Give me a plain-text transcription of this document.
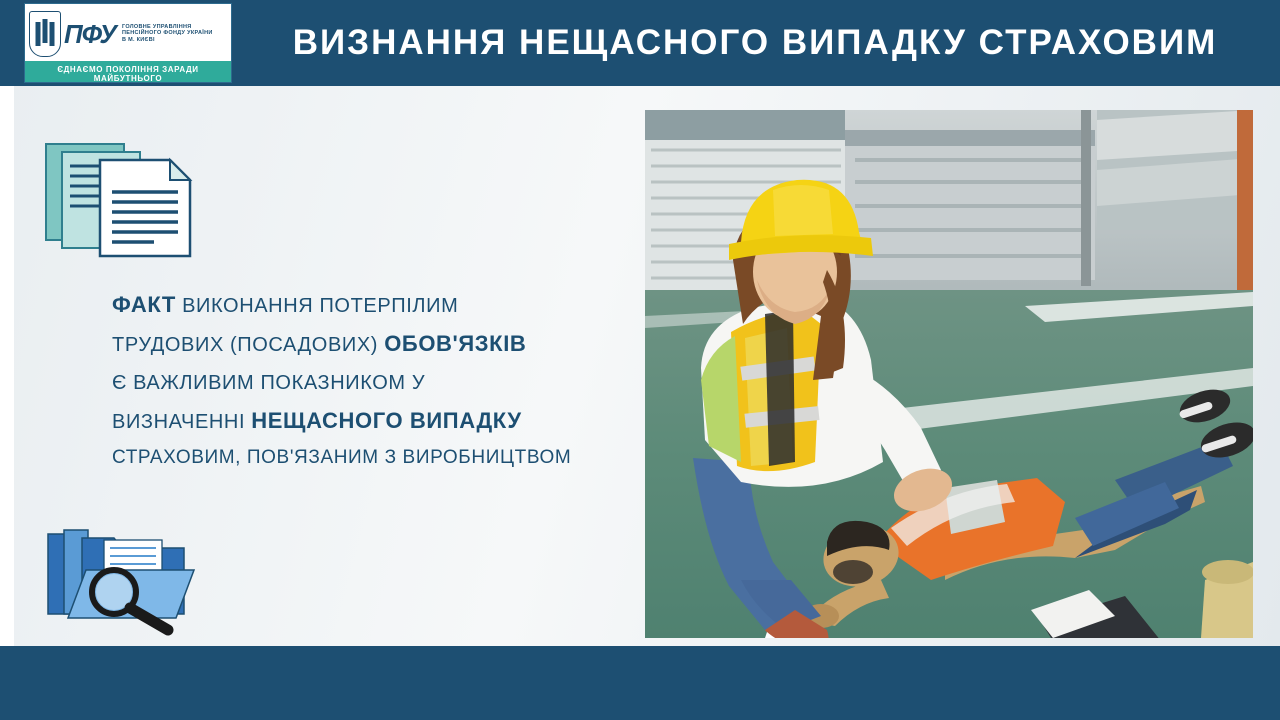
ПФУ ГОЛОВНЕ УПРАВЛІННЯ
ПЕНСІЙНОГО ФОНДУ УКРАЇНИ
В М. КИЄВІ
ЄДНАЄМО ПОКОЛІННЯ ЗАРАДИ МАЙБУТНЬОГО
ВИЗНАННЯ НЕЩАСНОГО ВИПАДКУ СТРАХОВИМ
ФАКТ ВИКОНАННЯ ПОТЕРПІЛИМ
ТРУДОВИХ (ПОСАДОВИХ) ОБОВ'ЯЗКІВ
Є ВАЖЛИВИМ ПОКАЗНИКОМ У
ВИЗНАЧЕННІ НЕЩАСНОГО ВИПАДКУ
СТРАХОВИМ, ПОВ'ЯЗАНИМ З ВИРОБНИЦТВОМ
